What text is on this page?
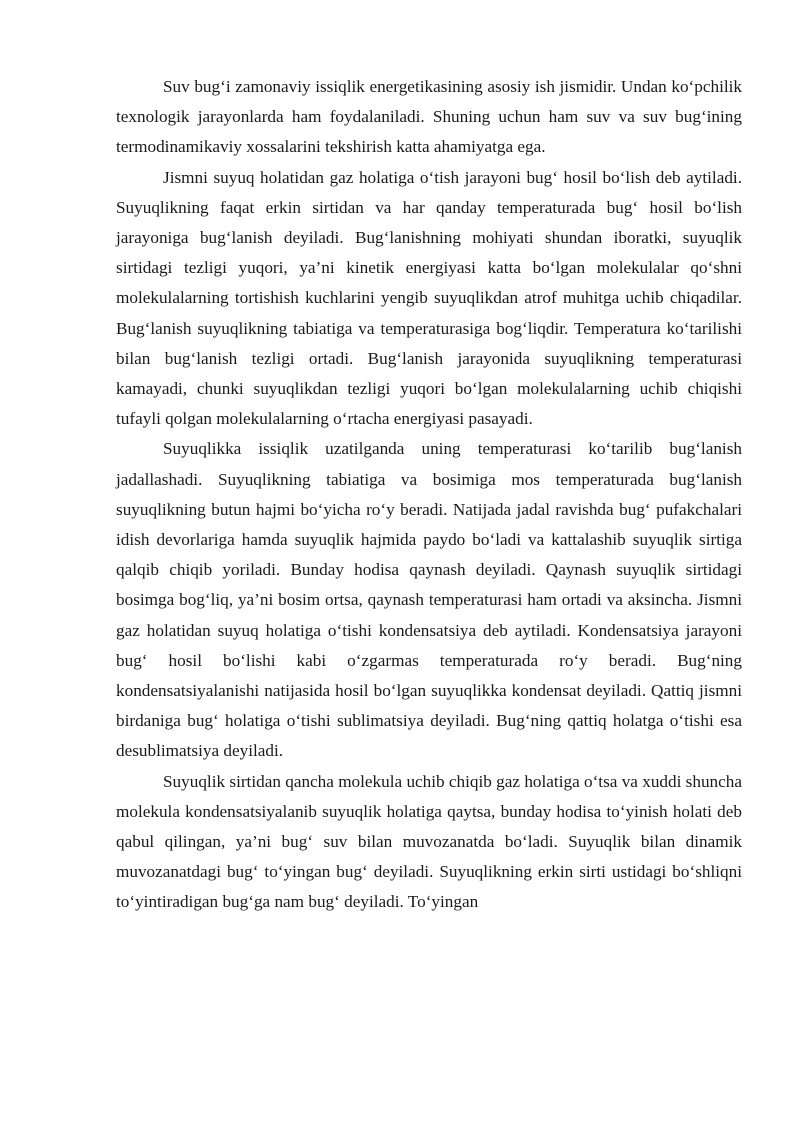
Suv bug‘i zamonaviy issiqlik energetikasining asosiy ish jismidir. Undan ko‘pchilik texnologik jarayonlarda ham foydalaniladi. Shuning uchun ham suv va suv bug‘ining termodinamikaviy xossalarini tekshirish katta ahamiyatga ega.

Jismni suyuq holatidan gaz holatiga o‘tish jarayoni bug‘ hosil bo‘lish deb aytiladi. Suyuqlikning faqat erkin sirtidan va har qanday temperaturada bug‘ hosil bo‘lish jarayoniga bug‘lanish deyiladi. Bug‘lanishning mohiyati shundan iboratki, suyuqlik sirtidagi tezligi yuqori, ya’ni kinetik energiyasi katta bo‘lgan molekulalar qo‘shni molekulalarning tortishish kuchlarini yengib suyuqlikdan atrof muhitga uchib chiqadilar. Bug‘lanish suyuqlikning tabiatiga va temperaturasiga bog‘liqdir. Temperatura ko‘tarilishi bilan bug‘lanish tezligi ortadi. Bug‘lanish jarayonida suyuqlikning temperaturasi kamayadi, chunki suyuqlikdan tezligi yuqori bo‘lgan molekulalarning uchib chiqishi tufayli qolgan molekulalarning o‘rtacha energiyasi pasayadi.

Suyuqlikka issiqlik uzatilganda uning temperaturasi ko‘tarilib bug‘lanish jadallashadi. Suyuqlikning tabiatiga va bosimiga mos temperaturada bug‘lanish suyuqlikning butun hajmi bo‘yicha ro‘y beradi. Natijada jadal ravishda bug‘ pufakchalari idish devorlariga hamda suyuqlik hajmida paydo bo‘ladi va kattalashib suyuqlik sirtiga qalqib chiqib yoriladi. Bunday hodisa qaynash deyiladi. Qaynash suyuqlik sirtidagi bosimga bog‘liq, ya’ni bosim ortsa, qaynash temperaturasi ham ortadi va aksincha. Jismni gaz holatidan suyuq holatiga o‘tishi kondensatsiya deb aytiladi. Kondensatsiya jarayoni bug‘ hosil bo‘lishi kabi o‘zgarmas temperaturada ro‘y beradi. Bug‘ning kondensatsiyalanishi natijasida hosil bo‘lgan suyuqlikka kondensat deyiladi. Qattiq jismni birdaniga bug‘ holatiga o‘tishi sublimatsiya deyiladi. Bug‘ning qattiq holatga o‘tishi esa desublimatsiya deyiladi.

Suyuqlik sirtidan qancha molekula uchib chiqib gaz holatiga o‘tsa va xuddi shuncha molekula kondensatsiyalanib suyuqlik holatiga qaytsa, bunday hodisa to‘yinish holati deb qabul qilingan, ya’ni bug‘ suv bilan muvozanatda bo‘ladi. Suyuqlik bilan dinamik muvozanatdagi bug‘ to‘yingan bug‘ deyiladi. Suyuqlikning erkin sirti ustidagi bo‘shliqni to‘yintiradigan bug‘ga nam bug‘ deyiladi. To‘yingan
